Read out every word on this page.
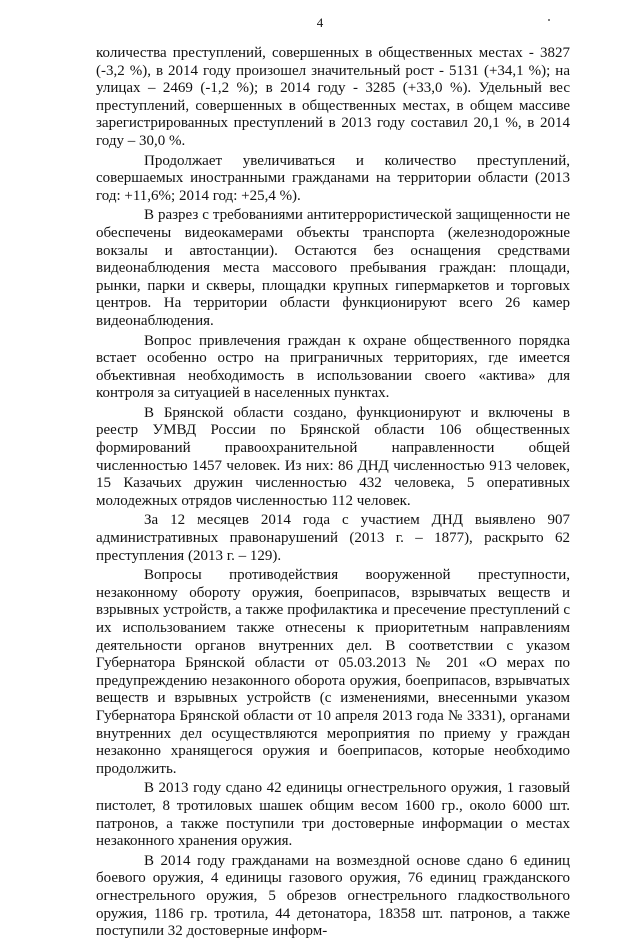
4

количества преступлений, совершенных в общественных местах - 3827 (-3,2 %), в 2014 году произошел значительный рост - 5131 (+34,1 %); на улицах – 2469 (-1,2 %); в 2014 году - 3285 (+33,0 %). Удельный вес преступлений, совершенных в общественных местах, в общем массиве зарегистрированных преступлений в 2013 году составил 20,1 %, в 2014 году – 30,0 %.

Продолжает увеличиваться и количество преступлений, совершаемых иностранными гражданами на территории области (2013 год: +11,6%; 2014 год: +25,4 %).

В разрез с требованиями антитеррористической защищенности не обеспечены видеокамерами объекты транспорта (железнодорожные вокзалы и автостанции). Остаются без оснащения средствами видеонаблюдения места массового пребывания граждан: площади, рынки, парки и скверы, площадки крупных гипермаркетов и торговых центров. На территории области функционируют всего 26 камер видеонаблюдения.

Вопрос привлечения граждан к охране общественного порядка встает особенно остро на приграничных территориях, где имеется объективная необходимость в использовании своего «актива» для контроля за ситуацией в населенных пунктах.

В Брянской области создано, функционируют и включены в реестр УМВД России по Брянской области 106 общественных формирований правоохранительной направленности общей численностью 1457 человек. Из них: 86 ДНД численностью 913 человек, 15 Казачьих дружин численностью 432 человека, 5 оперативных молодежных отрядов численностью 112 человек.

За 12 месяцев 2014 года с участием ДНД выявлено 907 административных правонарушений (2013 г. – 1877), раскрыто 62 преступления (2013 г. – 129).

Вопросы противодействия вооруженной преступности, незаконному обороту оружия, боеприпасов, взрывчатых веществ и взрывных устройств, а также профилактика и пресечение преступлений с их использованием также отнесены к приоритетным направлениям деятельности органов внутренних дел. В соответствии с указом Губернатора Брянской области от 05.03.2013 № 201 «О мерах по предупреждению незаконного оборота оружия, боеприпасов, взрывчатых веществ и взрывных устройств (с изменениями, внесенными указом Губернатора Брянской области от 10 апреля 2013 года № 3331), органами внутренних дел осуществляются мероприятия по приему у граждан незаконно хранящегося оружия и боеприпасов, которые необходимо продолжить.

В 2013 году сдано 42 единицы огнестрельного оружия, 1 газовый пистолет, 8 тротиловых шашек общим весом 1600 гр., около 6000 шт. патронов, а также поступили три достоверные информации о местах незаконного хранения оружия.

В 2014 году гражданами на возмездной основе сдано 6 единиц боевого оружия, 4 единицы газового оружия, 76 единиц гражданского огнестрельного оружия, 5 обрезов огнестрельного гладкоствольного оружия, 1186 гр. тротила, 44 детонатора, 18358 шт. патронов, а также поступили 32 достоверные информ-
